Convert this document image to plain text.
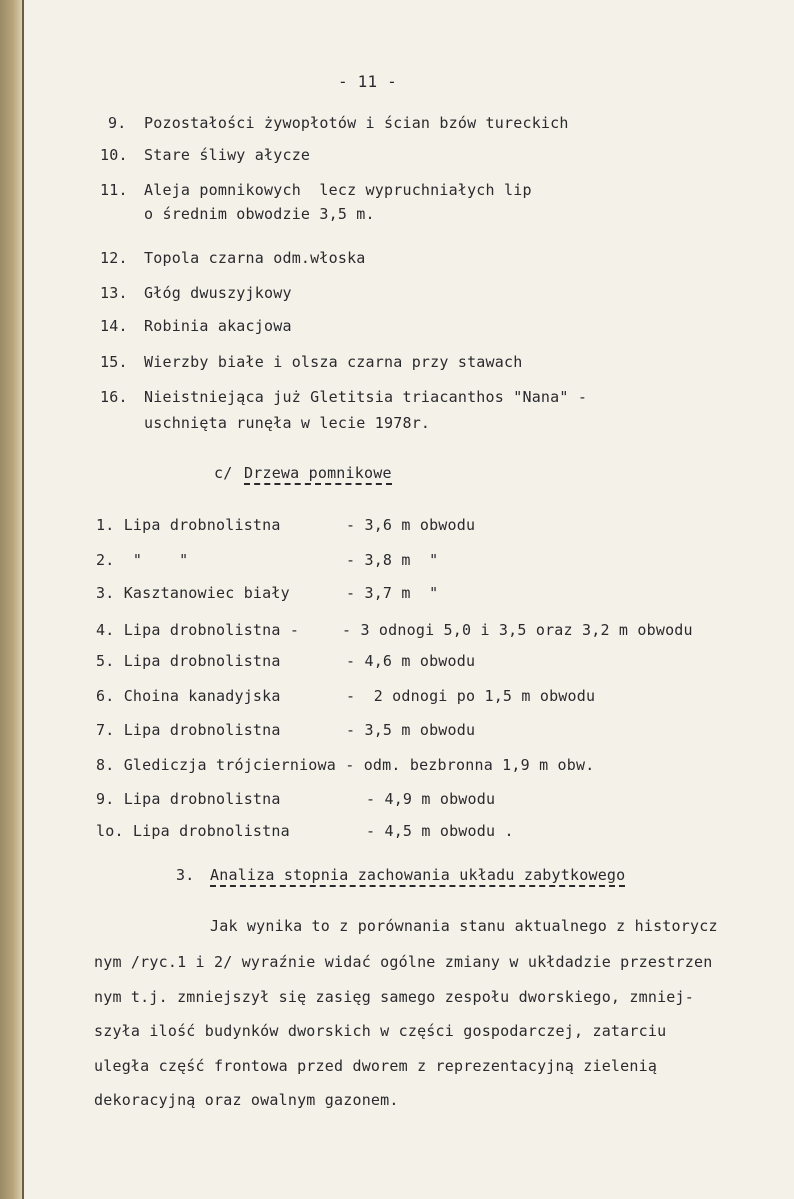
- 11 -
9. Pozostałości żywopłotów i ścian bzów tureckich
10. Stare śliwy ałycze
11. Aleja pomnikowych  lecz wypruchniałych lip
o średnim obwodzie 3,5 m.
12. Topola czarna odm.włoska
13. Głóg dwuszyjkowy
14. Robinia akacjowa
15. Wierzby białe i olsza czarna przy stawach
16. Nieistniejąca już Gletitsia triacanthos "Nana" -
uschnięta runęła w lecie 1978r.
c/ Drzewa pomnikowe
1. Lipa drobnolistna	- 3,6 m obwodu
2.  "    "	- 3,8 m  "
3. Kasztanowiec biały	- 3,7 m  "
4. Lipa drobnolistna -	- 3 odnogi 5,0 i 3,5 oraz 3,2 m obwodu
5. Lipa drobnolistna	- 4,6 m obwodu
6. Choina kanadyjska	-  2 odnogi po 1,5 m obwodu
7. Lipa drobnolistna	- 3,5 m obwodu
8. Glediczja trójcierniowa - odm. bezbronna 1,9 m obw.
9. Lipa drobnolistna	- 4,9 m obwodu
lo. Lipa drobnolistna	- 4,5 m obwodu .
3. Analiza stopnia zachowania układu zabytkowego
Jak wynika to z porównania stanu aktualnego z historycz
nym /ryc.1 i 2/ wyraźnie widać ogólne zmiany w ukłdadzie przestrzen
nym t.j. zmniejszył się zasięg samego zespołu dworskiego, zmniej-
szyła ilość budynków dworskich w części gospodarczej, zatarciu
uległa część frontowa przed dworem z reprezentacyjną zielenią
dekoracyjną oraz owalnym gazonem.
